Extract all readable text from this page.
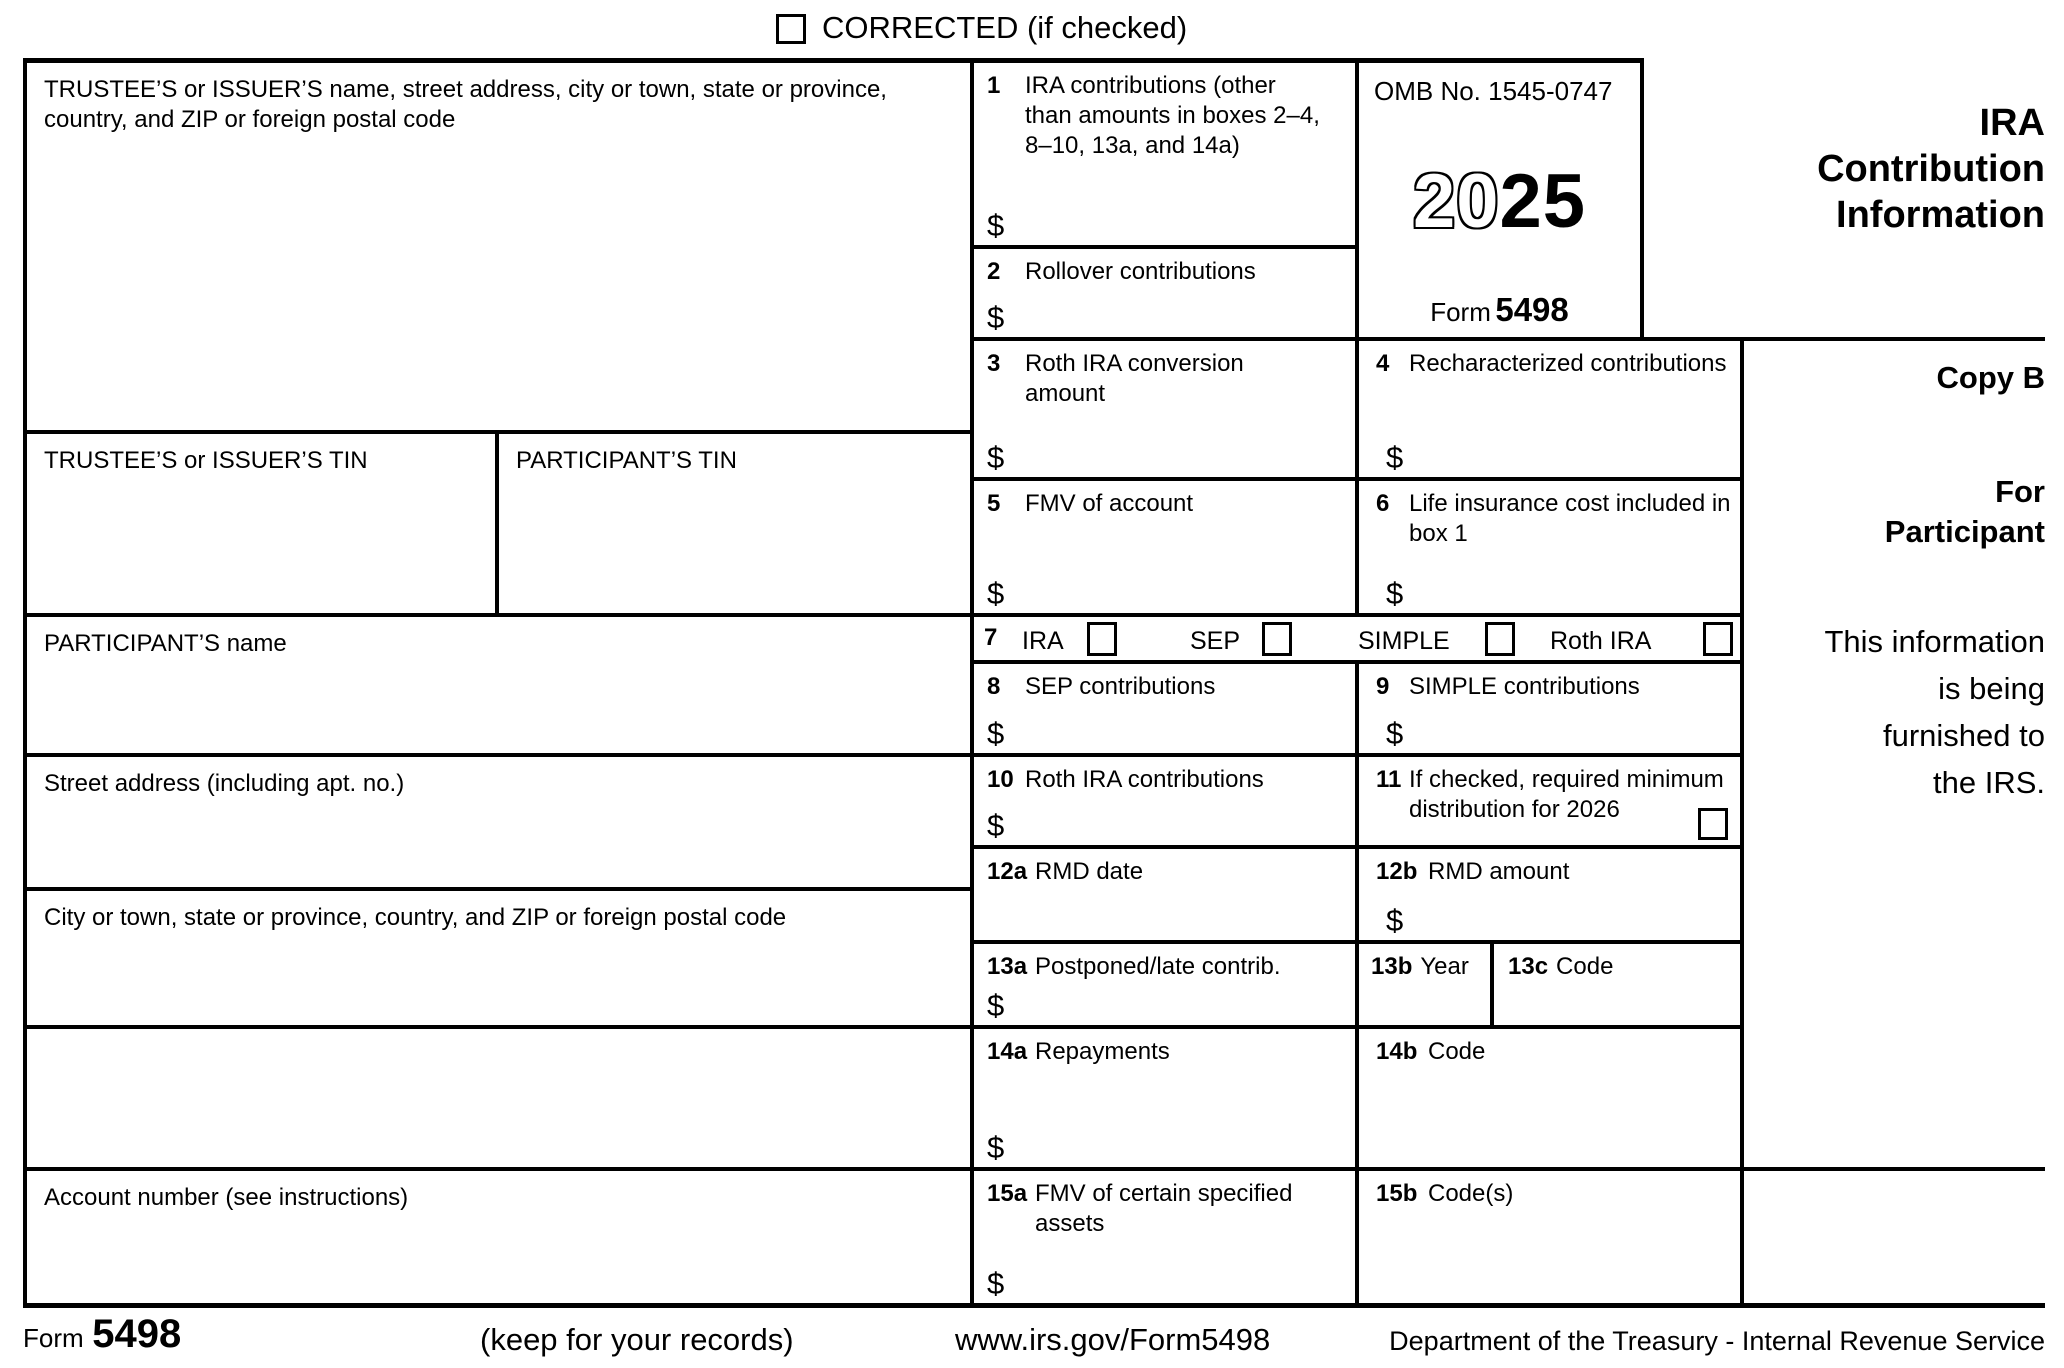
CORRECTED (if checked)
TRUSTEE’S or ISSUER’S name, street address, city or town, state or province, country, and ZIP or foreign postal code
TRUSTEE’S or ISSUER’S TIN	PARTICIPANT’S TIN
PARTICIPANT’S name
Street address (including apt. no.)
City or town, state or province, country, and ZIP or foreign postal code
Account number (see instructions)
1	IRA contributions (other than amounts in boxes 2–4, 8–10, 13a, and 14a)
$
2	Rollover contributions
$
OMB No. 1545-0747
2025
Form 5498
IRA
Contribution
Information
3	Roth IRA conversion amount
$
4 Recharacterized contributions
$
5	FMV of account
$
6 Life insurance cost included in box 1
$
7 IRA	SEP	SIMPLE	Roth IRA
8	SEP contributions
$
9 SIMPLE contributions
$
10 Roth IRA contributions
$
11 If checked, required minimum distribution for 2026
12a RMD date	12b RMD amount
$
13a Postponed/late contrib.
$
13b Year 13c Code
14a Repayments
$
14b Code
15a FMV of certain specified assets
$
15b Code(s)
Copy B
For
Participant
This information
is being
furnished to
the IRS.
Form
5498	(keep for your records)	www.irs.gov/Form5498	Department of the Treasury - Internal Revenue Service
